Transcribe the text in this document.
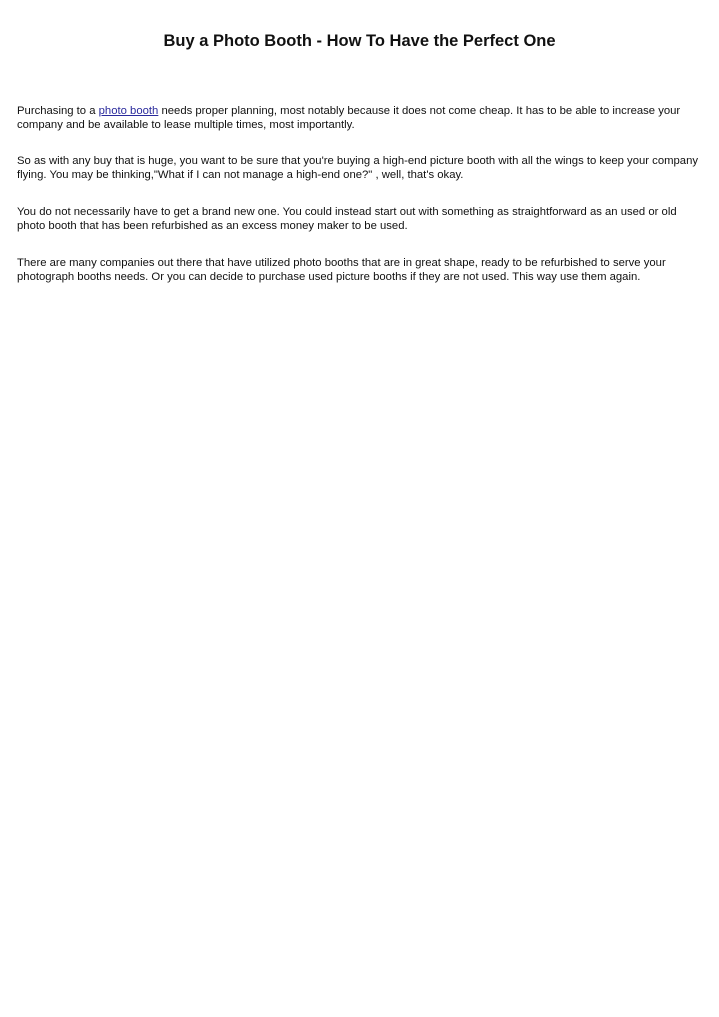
Buy a Photo Booth - How To Have the Perfect One

Purchasing to a photo booth needs proper planning, most notably because it does not come cheap. It has to be able to increase your company and be available to lease multiple times, most importantly.

So as with any buy that is huge, you want to be sure that you're buying a high-end picture booth with all the wings to keep your company flying. You may be thinking,"What if I can not manage a high-end one?" , well, that's okay.

You do not necessarily have to get a brand new one. You could instead start out with something as straightforward as an used or old photo booth that has been refurbished as an excess money maker to be used.

There are many companies out there that have utilized photo booths that are in great shape, ready to be refurbished to serve your photograph booths needs. Or you can decide to purchase used picture booths if they are not used. This way use them again.
